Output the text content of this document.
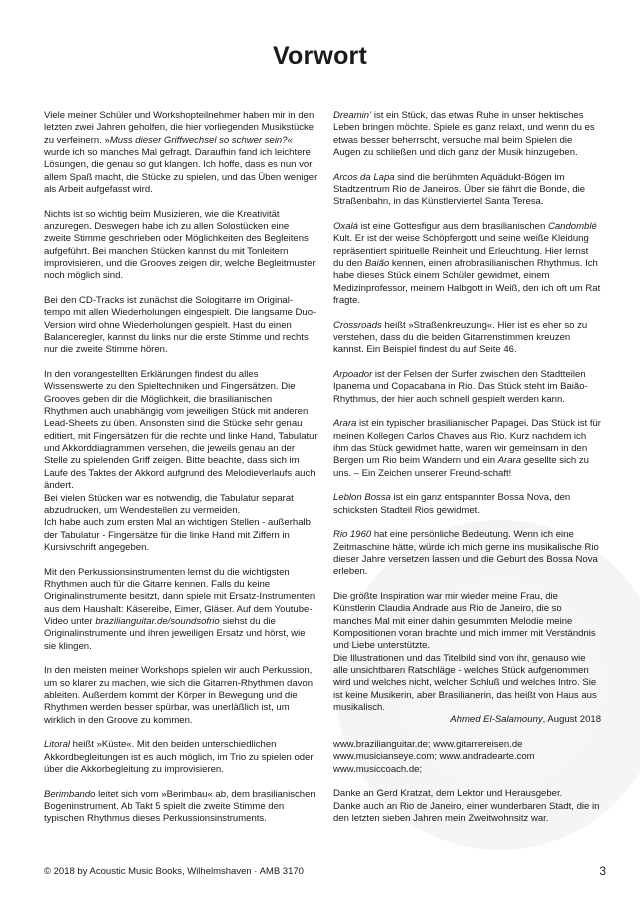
Vorwort

Viele meiner Schüler und Workshopteilnehmer haben mir in den letzten zwei Jahren geholfen, die hier vorliegenden Musikstücke zu verfeinern. »Muss dieser Griffwechsel so schwer sein?« wurde ich so manches Mal gefragt. Daraufhin fand ich leichtere Lösungen, die genau so gut klangen. Ich hoffe, dass es nun vor allem Spaß macht, die Stücke zu spielen, und das Üben weniger als Arbeit aufgefasst wird.

Nichts ist so wichtig beim Musizieren, wie die Kreativität anzuregen. Deswegen habe ich zu allen Solostücken eine zweite Stimme geschrieben oder Möglichkeiten des Begleitens aufgeführt. Bei manchen Stücken kannst du mit Tonleitern improvisieren, und die Grooves zeigen dir, welche Begleitmuster noch möglich sind.

Bei den CD-Tracks ist zunächst die Sologitarre im Original-tempo mit allen Wiederholungen eingespielt. Die langsame Duo-Version wird ohne Wiederholungen gespielt. Hast du einen Balanceregler, kannst du links nur die erste Stimme und rechts nur die zweite Stimme hören.

In den vorangestellten Erklärungen findest du alles Wissenswerte zu den Spieltechniken und Fingersätzen. Die Grooves geben dir die Möglichkeit, die brasilianischen Rhythmen auch unabhängig vom jeweiligen Stück mit anderen Lead-Sheets zu üben. Ansonsten sind die Stücke sehr genau editiert, mit Fingersätzen für die rechte und linke Hand, Tabulatur und Akkorddiagrammen versehen, die jeweils genau an der Stelle zu spielenden Griff zeigen. Bitte beachte, dass sich im Laufe des Taktes der Akkord aufgrund des Melodieverlaufs auch ändert.
Bei vielen Stücken war es notwendig, die Tabulatur separat abzudrucken, um Wendestellen zu vermeiden.
Ich habe auch zum ersten Mal an wichtigen Stellen - außerhalb der Tabulatur - Fingersätze für die linke Hand mit Ziffern in Kursivschrift angegeben.

Mit den Perkussionsinstrumenten lernst du die wichtigsten Rhythmen auch für die Gitarre kennen. Falls du keine Originalinstrumente besitzt, dann spiele mit Ersatz-Instrumenten aus dem Haushalt: Käsereibe, Eimer, Gläser. Auf dem Youtube-Video unter brazilianguitar.de/soundsofrio siehst du die Originalinstrumente und ihren jeweiligen Ersatz und hörst, wie sie klingen.

In den meisten meiner Workshops spielen wir auch Perkussion, um so klarer zu machen, wie sich die Gitarren-Rhythmen davon ableiten. Außerdem kommt der Körper in Bewegung und die Rhythmen werden besser spürbar, was unerläßlich ist, um wirklich in den Groove zu kommen.

Litoral heißt »Küste«. Mit den beiden unterschiedlichen Akkordbegleitungen ist es auch möglich, im Trio zu spielen oder über die Akkorbegleitung zu improvisieren.

Berimbando leitet sich vom »Berimbau« ab, dem brasilianischen Bogeninstrument. Ab Takt 5 spielt die zweite Stimme den typischen Rhythmus dieses Perkussionsinstruments.

Dreamin’ ist ein Stück, das etwas Ruhe in unser hektisches Leben bringen möchte. Spiele es ganz relaxt, und wenn du es etwas besser beherrscht, versuche mal beim Spielen die Augen zu schließen und dich ganz der Musik hinzugeben.

Arcos da Lapa sind die berühmten Aquädukt-Bögen im Stadtzentrum Rio de Janeiros. Über sie fährt die Bonde, die Straßenbahn, in das Künstlerviertel Santa Teresa.

Oxalá ist eine Gottesfigur aus dem brasilianischen Candomblé Kult. Er ist der weise Schöpfergott und seine weiße Kleidung repräsentiert spirituelle Reinheit und Erleuchtung. Hier lernst du den Baião kennen, einen afrobrasilianischen Rhythmus. Ich habe dieses Stück einem Schüler gewidmet, einem Medizinprofessor, meinem Halbgott in Weiß, den ich oft um Rat fragte.

Crossroads heißt »Straßenkreuzung«. Hier ist es eher so zu verstehen, dass du die beiden Gitarrenstimmen kreuzen kannst. Ein Beispiel findest du auf Seite 46.

Arpoador ist der Felsen der Surfer zwischen den Stadtteilen Ipanema und Copacabana in Rio. Das Stück steht im Baião-Rhythmus, der hier auch schnell gespielt werden kann.

Arara ist ein typischer brasilianischer Papagei. Das Stück ist für meinen Kollegen Carlos Chaves aus Rio. Kurz nachdem ich ihm das Stück gewidmet hatte, waren wir gemeinsam in den Bergen um Rio beim Wandern und ein Arara gesellte sich zu uns. – Ein Zeichen unserer Freund-schaft!

Leblon Bossa ist ein ganz entspannter Bossa Nova, den schicksten Stadteil Rios gewidmet.

Rio 1960 hat eine persönliche Bedeutung. Wenn ich eine Zeitmaschine hätte, würde ich mich gerne ins musikalische Rio dieser Jahre versetzen lassen und die Geburt des Bossa Nova erleben.

Die größte Inspiration war mir wieder meine Frau, die Künstlerin Claudia Andrade aus Rio de Janeiro, die so manches Mal mit einer dahin gesummten Melodie meine Kompositionen voran brachte und mich immer mit Verständnis und Liebe unterstützte.
Die Illustrationen und das Titelbild sind von ihr, genauso wie alle unsichtbaren Ratschläge - welches Stück aufgenommen wird und welches nicht, welcher Schluß und welches Intro. Sie ist keine Musikerin, aber Brasilianerin, das heißt von Haus aus musikalisch.

Ahmed El-Salamouny, August 2018

www.brazilianguitar.de; www.gitarrereisen.de
www.musicianseye.com; www.andradearte.com
www.musiccoach.de;

Danke an Gerd Kratzat, dem Lektor und Herausgeber.
Danke auch an Rio de Janeiro, einer wunderbaren Stadt, die in den letzten sieben Jahren mein Zweitwohnsitz war.

© 2018 by Acoustic Music Books, Wilhelmshaven · AMB 3170	3
